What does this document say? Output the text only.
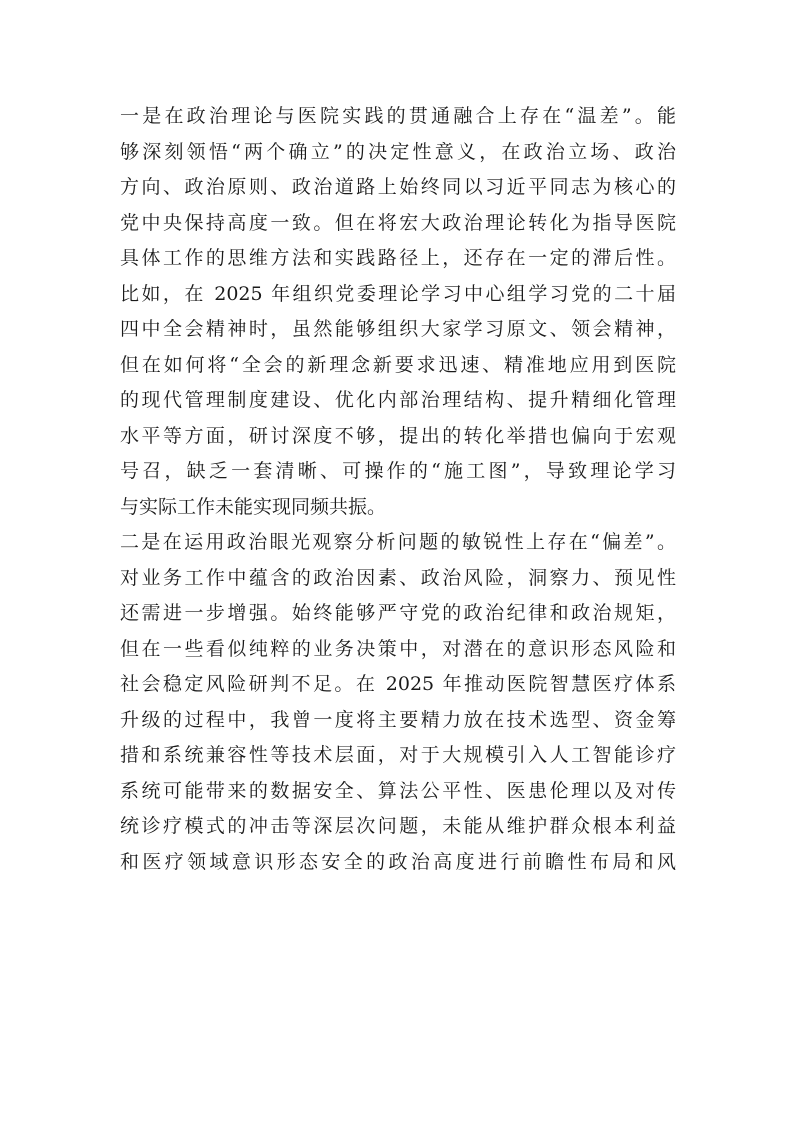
一是在政治理论与医院实践的贯通融合上存在“温差”。能
够深刻领悟“两个确立”的决定性意义，在政治立场、政治
方向、政治原则、政治道路上始终同以习近平同志为核心的
党中央保持高度一致。但在将宏大政治理论转化为指导医院
具体工作的思维方法和实践路径上，还存在一定的滞后性。
比如，在 2025 年组织党委理论学习中心组学习党的二十届
四中全会精神时，虽然能够组织大家学习原文、领会精神，
但在如何将“全会的新理念新要求迅速、精准地应用到医院
的现代管理制度建设、优化内部治理结构、提升精细化管理
水平等方面，研讨深度不够，提出的转化举措也偏向于宏观
号召，缺乏一套清晰、可操作的“施工图”，导致理论学习
与实际工作未能实现同频共振。
二是在运用政治眼光观察分析问题的敏锐性上存在“偏差”。
对业务工作中蕴含的政治因素、政治风险，洞察力、预见性
还需进一步增强。始终能够严守党的政治纪律和政治规矩，
但在一些看似纯粹的业务决策中，对潜在的意识形态风险和
社会稳定风险研判不足。在 2025 年推动医院智慧医疗体系
升级的过程中，我曾一度将主要精力放在技术选型、资金筹
措和系统兼容性等技术层面，对于大规模引入人工智能诊疗
系统可能带来的数据安全、算法公平性、医患伦理以及对传
统诊疗模式的冲击等深层次问题，未能从维护群众根本利益
和医疗领域意识形态安全的政治高度进行前瞻性布局和风
